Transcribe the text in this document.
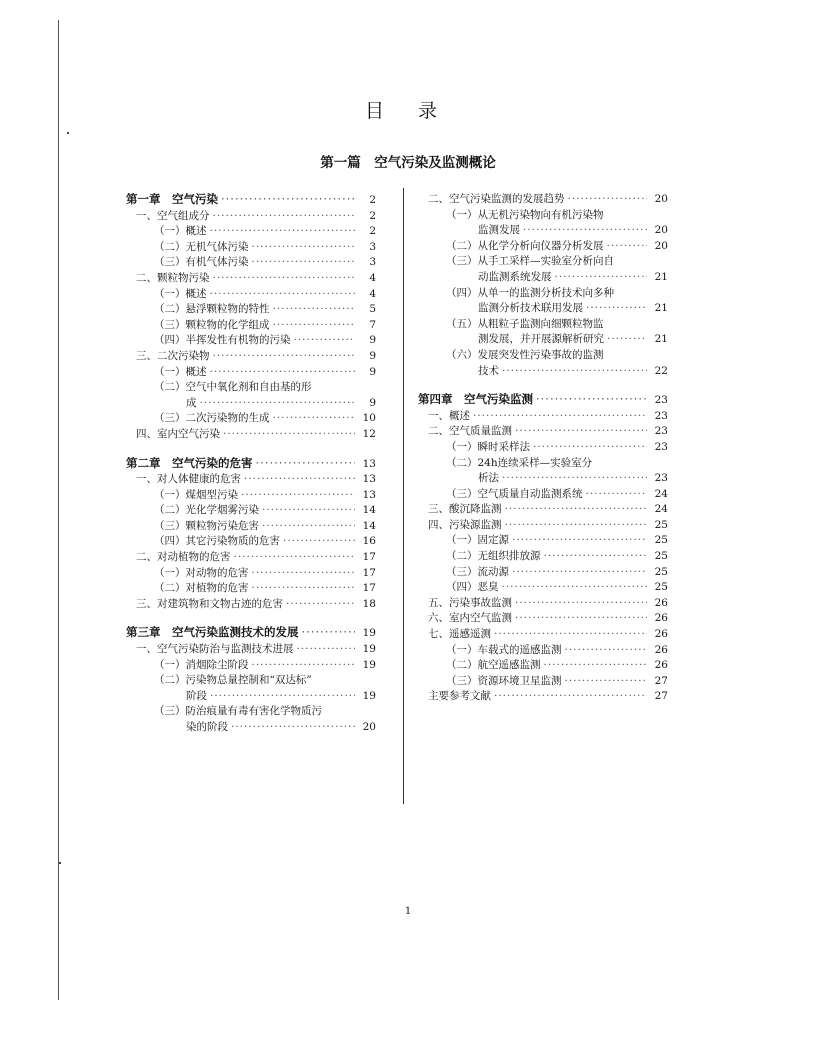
目 录
第一篇　空气污染及监测概论
第一章　空气污染 ·····	2
一、空气组成分 ·····	2
（一）概述 ·····	2
（二）无机气体污染 ·····	3
（三）有机气体污染 ·····	3
二、颗粒物污染 ·····	4
（一）概述 ·····	4
（二）悬浮颗粒物的特性 ·····	5
（三）颗粒物的化学组成 ·····	7
（四）半挥发性有机物的污染 ·····	9
三、二次污染物 ·····	9
（一）概述 ·····	9
（二）空气中氧化剂和自由基的形
成 ·····	9
（三）二次污染物的生成 ·····	10
四、室内空气污染 ·····	12
第二章　空气污染的危害 ·····	13
一、对人体健康的危害 ·····	13
（一）煤烟型污染 ·····	13
（二）光化学烟雾污染 ·····	14
（三）颗粒物污染危害 ·····	14
（四）其它污染物质的危害 ·····	16
二、对动植物的危害 ·····	17
（一）对动物的危害 ·····	17
（二）对植物的危害 ·····	17
三、对建筑物和文物古迹的危害 ·····	18
第三章　空气污染监测技术的发展 ·····	19
一、空气污染防治与监测技术进展 ·····	19
（一）消烟除尘阶段 ·····	19
（二）污染物总量控制和“双达标”
阶段 ·····	19
（三）防治痕量有毒有害化学物质污
染的阶段 ·····	20
二、空气污染监测的发展趋势 ·····	20
（一）从无机污染物向有机污染物
监测发展 ·····	20
（二）从化学分析向仪器分析发展 ·····	20
（三）从手工采样—实验室分析向自
动监测系统发展 ·····	21
（四）从单一的监测分析技术向多种
监测分析技术联用发展 ·····	21
（五）从粗粒子监测向细颗粒物监
测发展，并开展源解析研究 ·····	21
（六）发展突发性污染事故的监测
技术 ·····	22
第四章　空气污染监测 ·····	23
一、概述 ·····	23
二、空气质量监测 ·····	23
（一）瞬时采样法 ·····	23
（二）24h连续采样—实验室分
析法 ·····	23
（三）空气质量自动监测系统 ·····	24
三、酸沉降监测 ·····	24
四、污染源监测 ·····	25
（一）固定源 ·····	25
（二）无组织排放源 ·····	25
（三）流动源 ·····	25
（四）恶臭 ·····	25
五、污染事故监测 ·····	26
六、室内空气监测 ·····	26
七、遥感遥测 ·····	26
（一）车载式的遥感监测 ·····	26
（二）航空遥感监测 ·····	26
（三）资源环境卫星监测 ·····	27
主要参考文献 ·····	27
1
